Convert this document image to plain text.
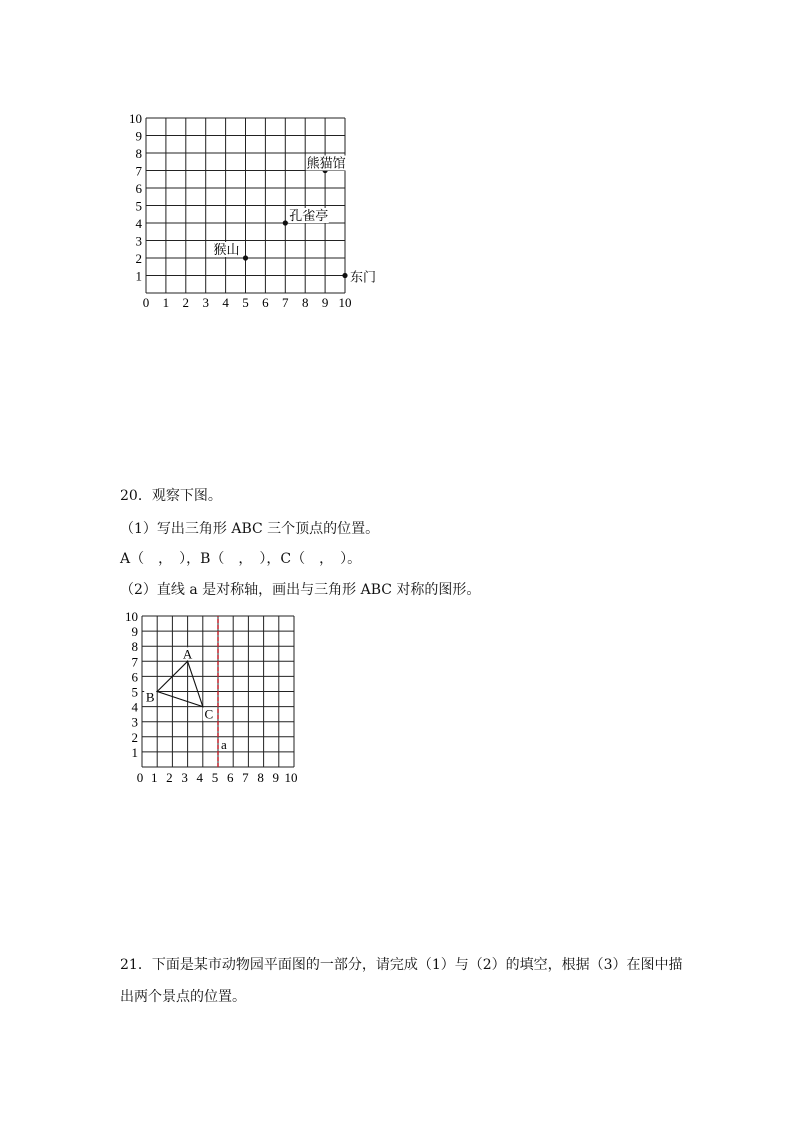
1
2
3
4
5
6
7
8
9
10
0 1 2 3 4 5 6 7 8 9 10
熊猫馆
孔雀亭
猴山
东门
20．观察下图。
（1）写出三角形 ABC 三个顶点的位置。
A（　，　），B（　，　），C（　，　）。
（2）直线 a 是对称轴，画出与三角形 ABC 对称的图形。
1
2
3
4
5
6
7
8
9
10
0 1 2 3 4 5 6 7 8 9 10
a
A
B
C
21．下面是某市动物园平面图的一部分，请完成（1）与（2）的填空，根据（3）在图中描
出两个景点的位置。
